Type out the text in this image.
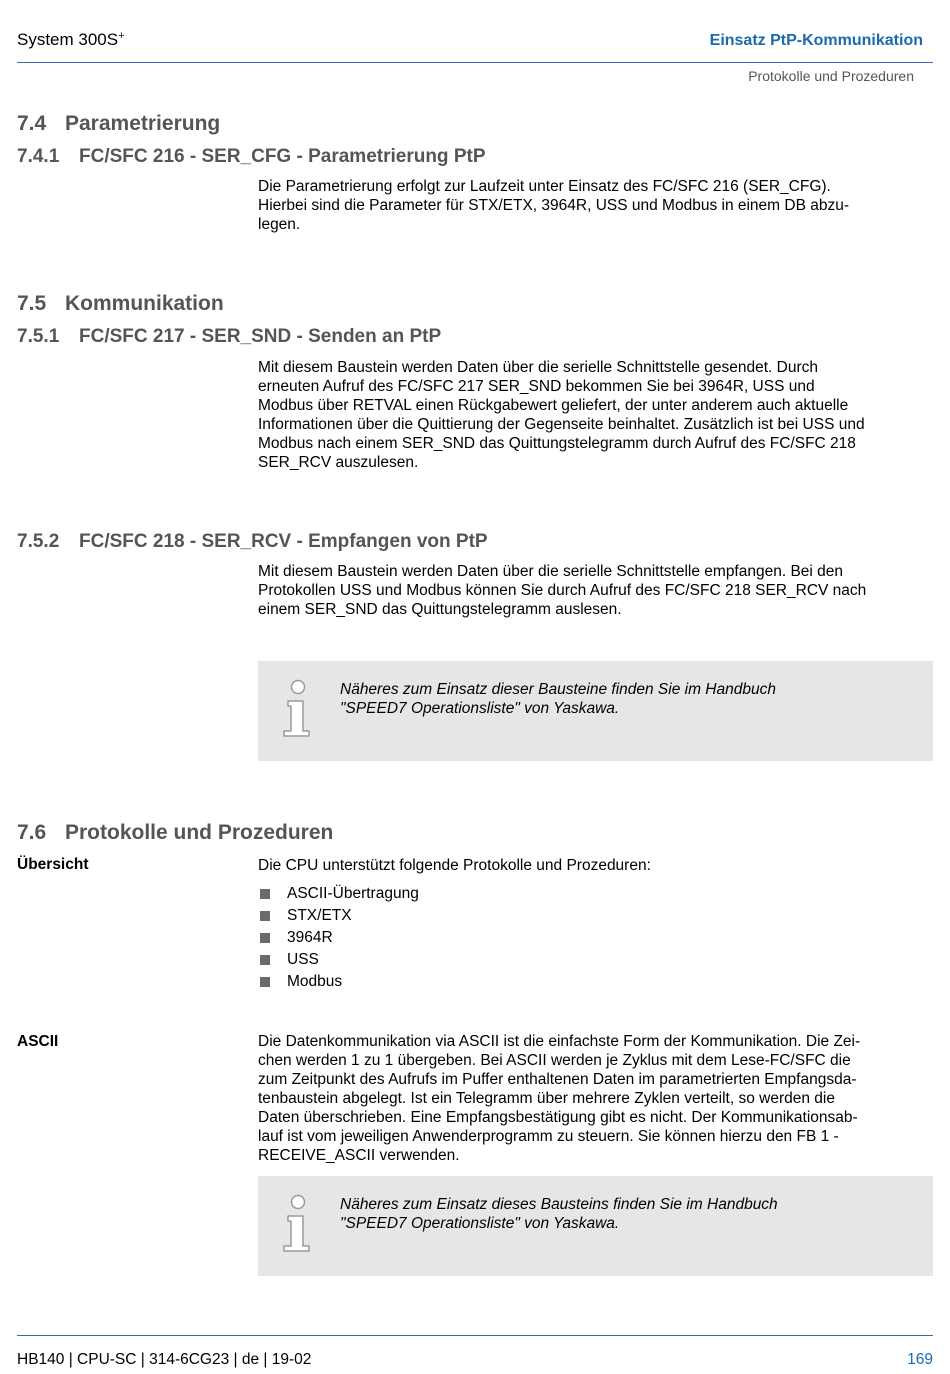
System 300S+	Einsatz PtP-Kommunikation
Protokolle und Prozeduren
7.4 Parametrierung
7.4.1 FC/SFC 216 - SER_CFG - Parametrierung PtP
Die Parametrierung erfolgt zur Laufzeit unter Einsatz des FC/SFC 216 (SER_CFG).
Hierbei sind die Parameter für STX/ETX, 3964R, USS und Modbus in einem DB abzu-
legen.
7.5 Kommunikation
7.5.1 FC/SFC 217 - SER_SND - Senden an PtP
Mit diesem Baustein werden Daten über die serielle Schnittstelle gesendet. Durch
erneuten Aufruf des FC/SFC 217 SER_SND bekommen Sie bei 3964R, USS und
Modbus über RETVAL einen Rückgabewert geliefert, der unter anderem auch aktuelle
Informationen über die Quittierung der Gegenseite beinhaltet. Zusätzlich ist bei USS und
Modbus nach einem SER_SND das Quittungstelegramm durch Aufruf des FC/SFC 218
SER_RCV auszulesen.
7.5.2 FC/SFC 218 - SER_RCV - Empfangen von PtP
Mit diesem Baustein werden Daten über die serielle Schnittstelle empfangen. Bei den
Protokollen USS und Modbus können Sie durch Aufruf des FC/SFC 218 SER_RCV nach
einem SER_SND das Quittungstelegramm auslesen.
Näheres zum Einsatz dieser Bausteine finden Sie im Handbuch
"SPEED7 Operationsliste" von Yaskawa.
7.6 Protokolle und Prozeduren
Übersicht	Die CPU unterstützt folgende Protokolle und Prozeduren:
ASCII-Übertragung
STX/ETX
3964R
USS
Modbus
ASCII	Die Datenkommunikation via ASCII ist die einfachste Form der Kommunikation. Die Zei-
chen werden 1 zu 1 übergeben. Bei ASCII werden je Zyklus mit dem Lese-FC/SFC die
zum Zeitpunkt des Aufrufs im Puffer enthaltenen Daten im parametrierten Empfangsda-
tenbaustein abgelegt. Ist ein Telegramm über mehrere Zyklen verteilt, so werden die
Daten überschrieben. Eine Empfangsbestätigung gibt es nicht. Der Kommunikationsab-
lauf ist vom jeweiligen Anwenderprogramm zu steuern. Sie können hierzu den FB 1 -
RECEIVE_ASCII verwenden.
Näheres zum Einsatz dieses Bausteins finden Sie im Handbuch
"SPEED7 Operationsliste" von Yaskawa.
HB140 | CPU-SC | 314-6CG23 | de | 19-02	169
